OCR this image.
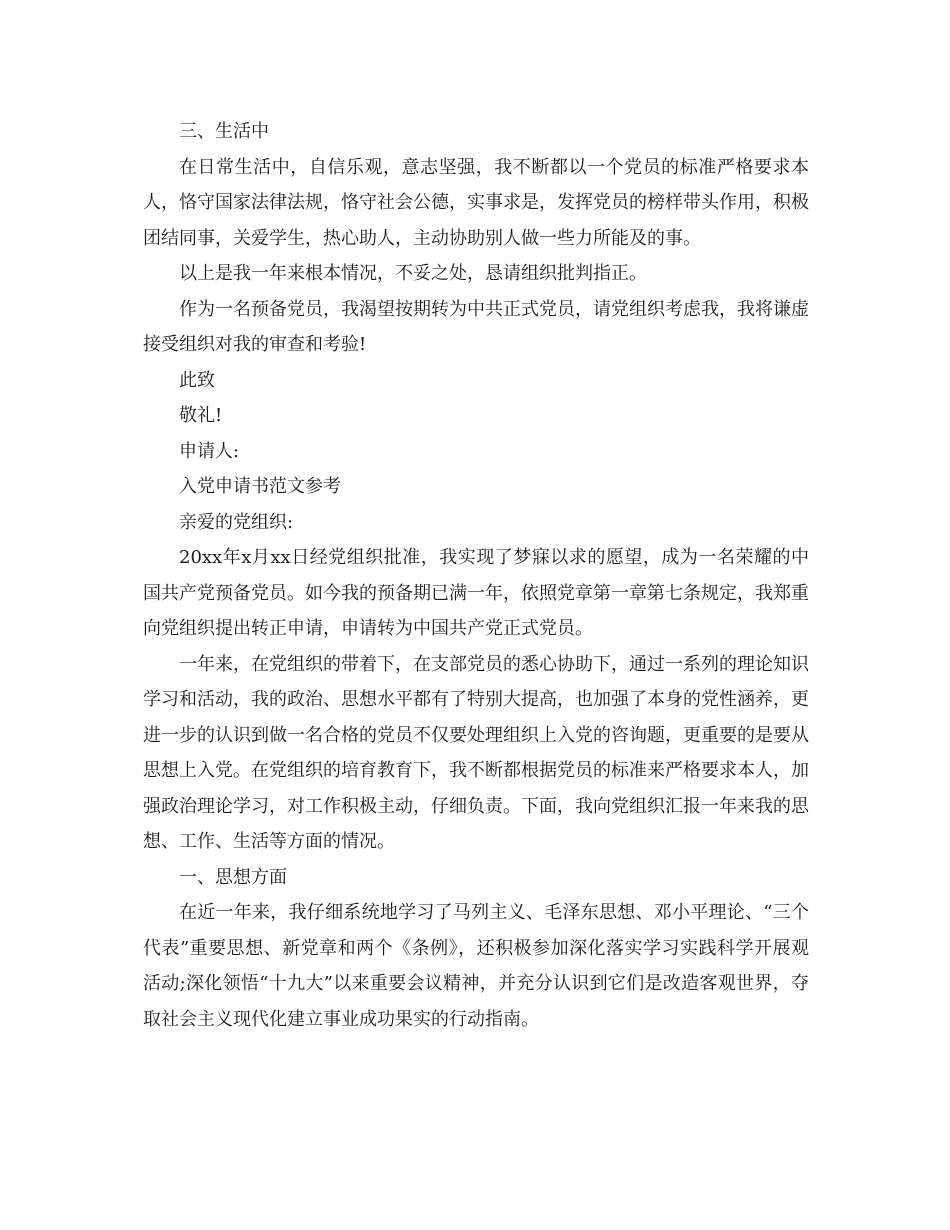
三、生活中

在日常生活中，自信乐观，意志坚强，我不断都以一个党员的标准严格要求本人，恪守国家法律法规，恪守社会公德，实事求是，发挥党员的榜样带头作用，积极团结同事，关爱学生，热心助人，主动协助别人做一些力所能及的事。

以上是我一年来根本情况，不妥之处，恳请组织批判指正。

作为一名预备党员，我渴望按期转为中共正式党员，请党组织考虑我，我将谦虚接受组织对我的审查和考验!

此致

敬礼!

申请人:

入党申请书范文参考

亲爱的党组织:

20xx年x月xx日经党组织批准，我实现了梦寐以求的愿望，成为一名荣耀的中国共产党预备党员。如今我的预备期已满一年，依照党章第一章第七条规定，我郑重向党组织提出转正申请，申请转为中国共产党正式党员。

一年来，在党组织的带着下，在支部党员的悉心协助下，通过一系列的理论知识学习和活动，我的政治、思想水平都有了特别大提高，也加强了本身的党性涵养，更进一步的认识到做一名合格的党员不仅要处理组织上入党的咨询题，更重要的是要从思想上入党。在党组织的培育教育下，我不断都根据党员的标准来严格要求本人，加强政治理论学习，对工作积极主动，仔细负责。下面，我向党组织汇报一年来我的思想、工作、生活等方面的情况。

一、思想方面

在近一年来，我仔细系统地学习了马列主义、毛泽东思想、邓小平理论、“三个代表”重要思想、新党章和两个《条例》，还积极参加深化落实学习实践科学开展观活动;深化领悟“十九大”以来重要会议精神，并充分认识到它们是改造客观世界，夺取社会主义现代化建立事业成功果实的行动指南。
